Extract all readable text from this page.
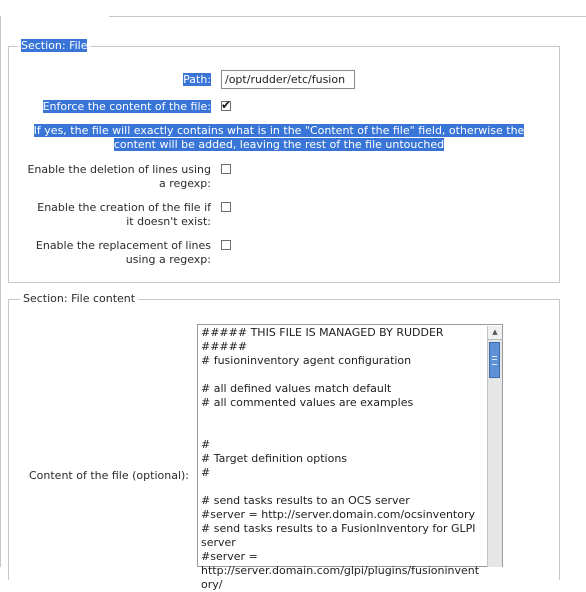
File to manage #1
Section: File
Path:
/opt/rudder/etc/fusion
Enforce the content of the file: ✔
If yes, the file will exactly contains what is in the "Content of the file" field, otherwise the content will be added, leaving the rest of the file untouched
Enable the deletion of lines using
a regexp:
Enable the creation of the file if
it doesn't exist:
Enable the replacement of lines
using a regexp:
Section: File content
Content of the file (optional):
##### THIS FILE IS MANAGED BY RUDDER #####
# fusioninventory agent configuration

# all defined values match default
# all commented values are examples

#
# Target definition options
#

# send tasks results to an OCS server
#server = http://server.domain.com/ocsinventory
# send tasks results to a FusionInventory for GLPI server
#server = http://server.domain.com/glpi/plugins/fusioninventory/
▲
